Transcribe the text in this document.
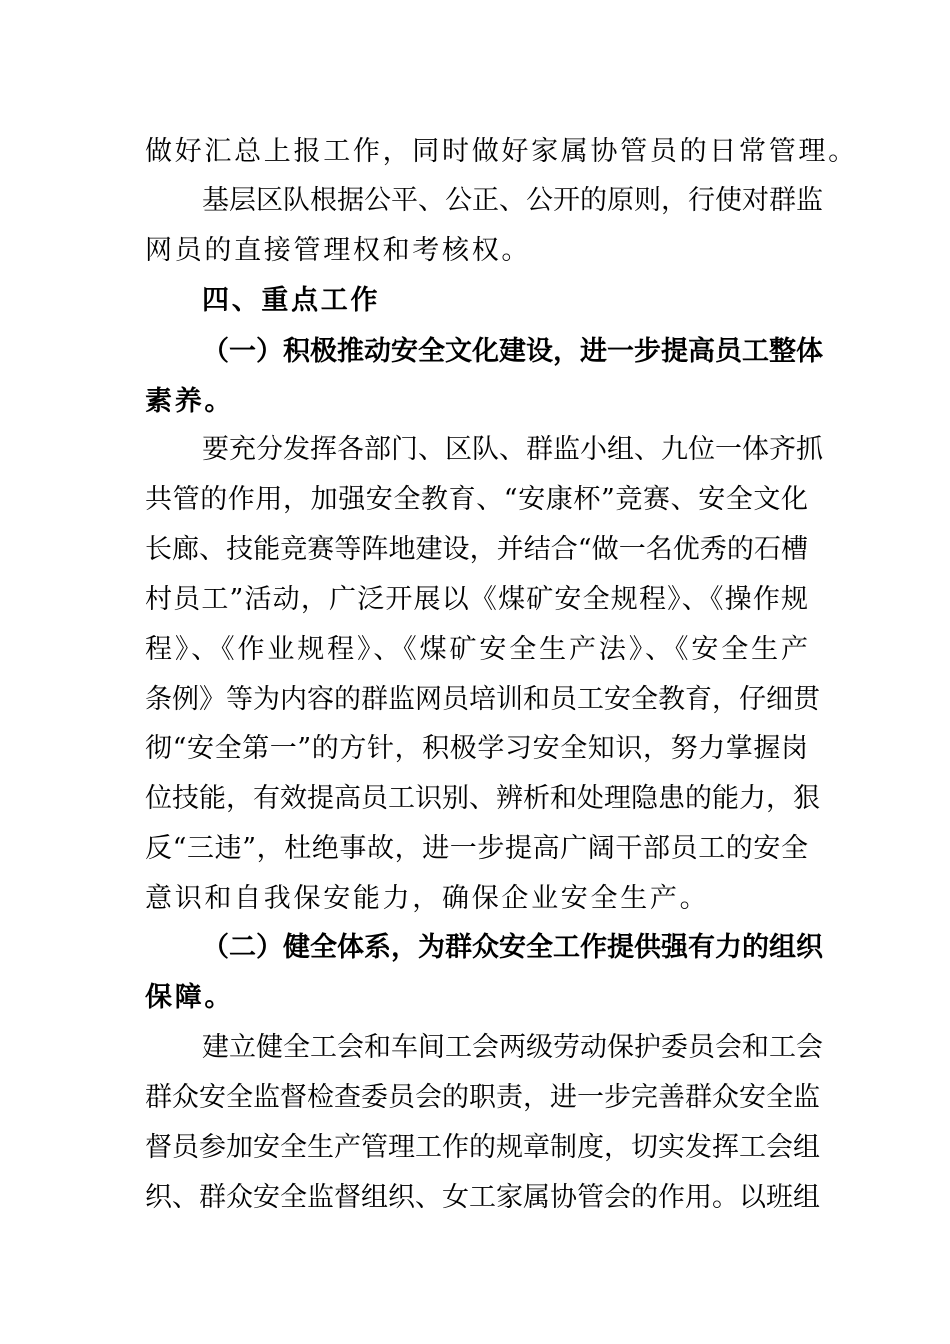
做好汇总上报工作，同时做好家属协管员的日常管理。
基层区队根据公平、公正、公开的原则，行使对群监
网员的直接管理权和考核权。
四、重点工作
（一）积极推动安全文化建设，进一步提高员工整体
素养。
要充分发挥各部门、区队、群监小组、九位一体齐抓
共管的作用，加强安全教育、“安康杯”竞赛、安全文化
长廊、技能竞赛等阵地建设，并结合“做一名优秀的石槽
村员工”活动，广泛开展以《煤矿安全规程》、《操作规
程》、《作业规程》、《煤矿安全生产法》、《安全生产
条例》等为内容的群监网员培训和员工安全教育，仔细贯
彻“安全第一”的方针，积极学习安全知识，努力掌握岗
位技能，有效提高员工识别、辨析和处理隐患的能力，狠
反“三违”，杜绝事故，进一步提高广阔干部员工的安全
意识和自我保安能力，确保企业安全生产。
（二）健全体系，为群众安全工作提供强有力的组织
保障。
建立健全工会和车间工会两级劳动保护委员会和工会
群众安全监督检查委员会的职责，进一步完善群众安全监
督员参加安全生产管理工作的规章制度，切实发挥工会组
织、群众安全监督组织、女工家属协管会的作用。以班组
